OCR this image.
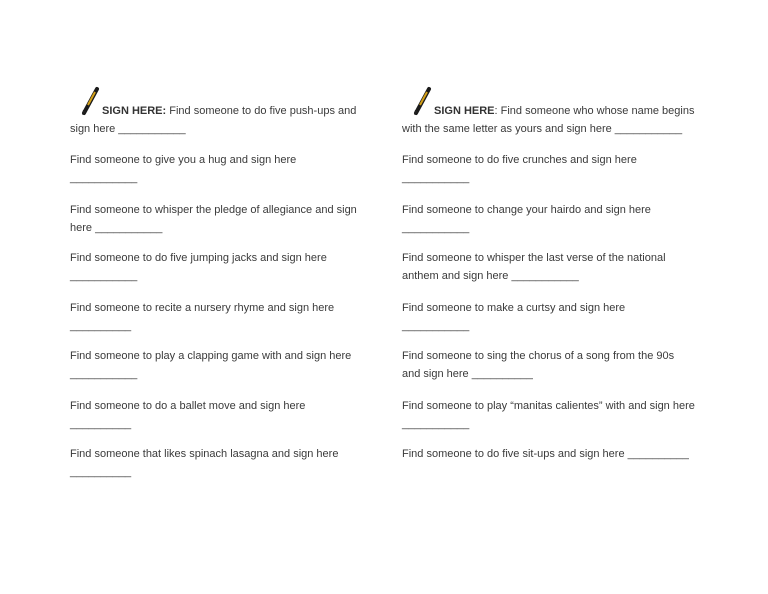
SIGN HERE: Find someone to do five push-ups and
sign here ___________
SIGN HERE: Find someone who whose name begins
with the same letter as yours and sign here ___________
Find someone to give you a hug and sign here
___________
Find someone to whisper the pledge of allegiance and sign
here ___________
Find someone to do five jumping jacks and sign here
___________
Find someone to recite a nursery rhyme and sign here
__________
Find someone to play a clapping game with and sign here
___________
Find someone to do a ballet move and sign here
__________
Find someone that likes spinach lasagna and sign here
__________
Find someone to do five crunches and sign here
___________
Find someone to change your hairdo and sign here
___________
Find someone to whisper the last verse of the national
anthem and sign here ___________
Find someone to make a curtsy and sign here
___________
Find someone to sing the chorus of a song from the 90s
and sign here __________
Find someone to play “manitas calientes” with and sign here
___________
Find someone to do five sit-ups and sign here __________
